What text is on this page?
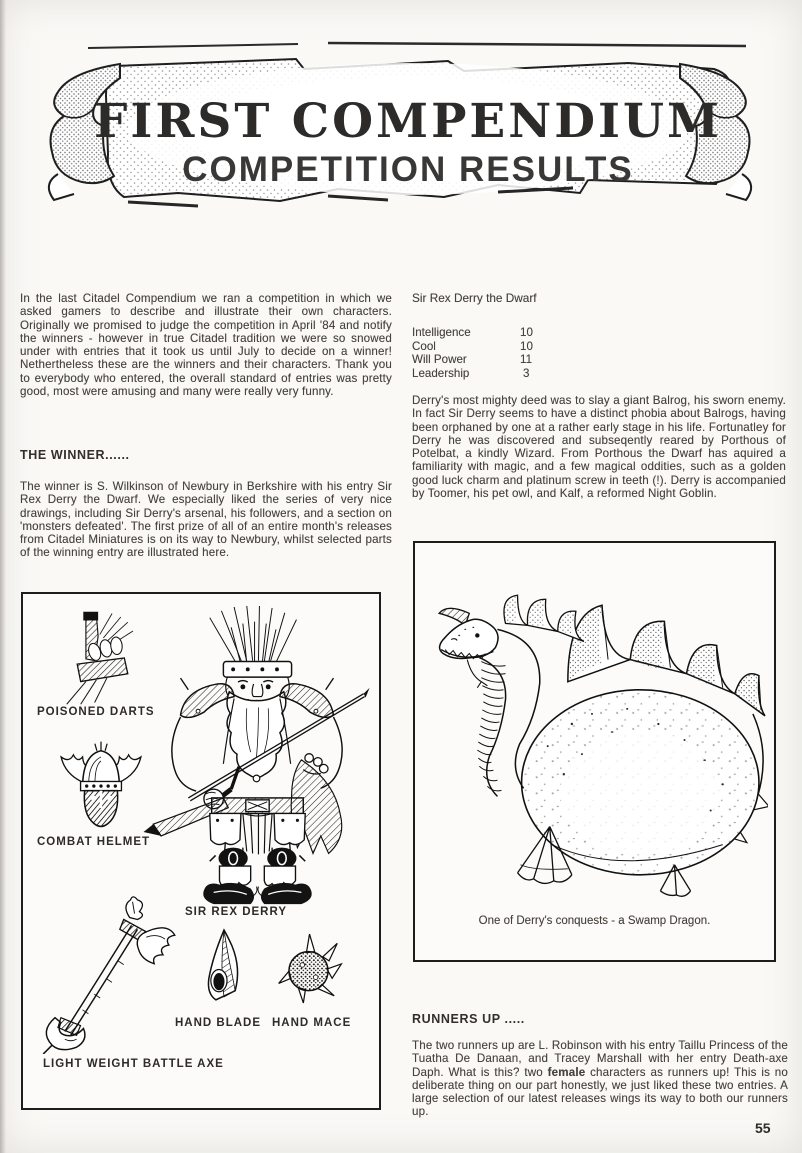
FIRST COMPENDIUM
COMPETITION RESULTS
In the last Citadel Compendium we ran a competition in which we asked gamers to describe and illustrate their own characters. Originally we promised to judge the competition in April '84 and notify the winners - however in true Citadel tradition we were so snowed under with entries that it took us until July to decide on a winner! Nethertheless these are the winners and their characters. Thank you to everybody who entered, the overall standard of entries was pretty good, most were amusing and many were really very funny.
THE WINNER......
The winner is S. Wilkinson of Newbury in Berkshire with his entry Sir Rex Derry the Dwarf. We especially liked the series of very nice drawings, including Sir Derry's arsenal, his followers, and a section on 'monsters defeated'. The first prize of all of an entire month's releases from Citadel Miniatures is on its way to Newbury, whilst selected parts of the winning entry are illustrated here.
POISONED DARTS
COMBAT HELMET
SIR REX DERRY
LIGHT WEIGHT BATTLE AXE
HAND BLADE HAND MACE
Sir Rex Derry the Dwarf
Intelligence	10
Cool	10
Will Power	11
Leadership	3
Derry's most mighty deed was to slay a giant Balrog, his sworn enemy. In fact Sir Derry seems to have a distinct phobia about Balrogs, having been orphaned by one at a rather early stage in his life. Fortunatley for Derry he was discovered and subseqently reared by Porthous of Potelbat, a kindly Wizard. From Porthous the Dwarf has aquired a familiarity with magic, and a few magical oddities, such as a golden good luck charm and platinum screw in teeth (!). Derry is accompanied by Toomer, his pet owl, and Kalf, a reformed Night Goblin.
One of Derry's conquests - a Swamp Dragon.
RUNNERS UP .....
The two runners up are L. Robinson with his entry Taillu Princess of the Tuatha De Danaan, and Tracey Marshall with her entry Death-axe Daph. What is this? two female characters as runners up! This is no deliberate thing on our part honestly, we just liked these two entries. A large selection of our latest releases wings its way to both our runners up.
55
